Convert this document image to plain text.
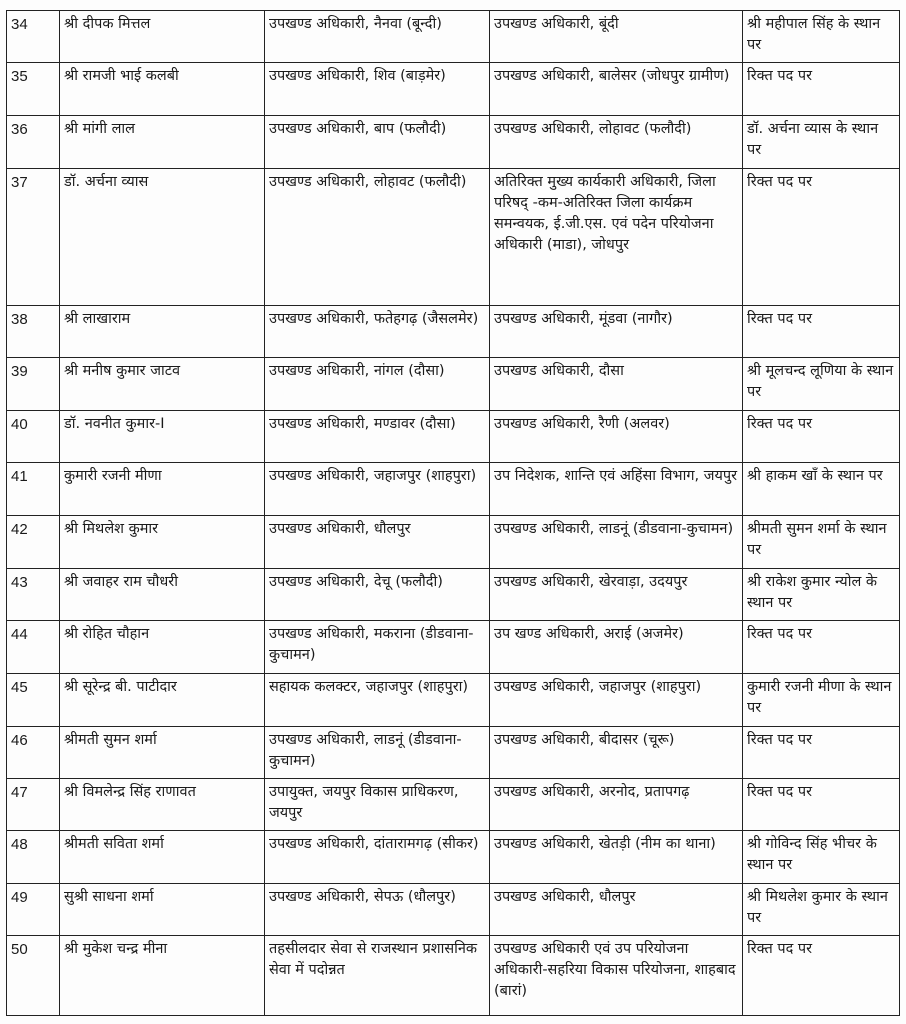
34	श्री दीपक मित्तल	उपखण्ड अधिकारी, नैनवा (बून्दी)	उपखण्ड अधिकारी, बूंदी	श्री महीपाल सिंह के स्थान पर
35	श्री रामजी भाई कलबी	उपखण्ड अधिकारी, शिव (बाड़मेर)	उपखण्ड अधिकारी, बालेसर (जोधपुर ग्रामीण)	रिक्त पद पर
36	श्री मांगी लाल	उपखण्ड अधिकारी, बाप (फलौदी)	उपखण्ड अधिकारी, लोहावट (फलौदी)	डॉ. अर्चना व्यास के स्थान पर
37	डॉ. अर्चना व्यास	उपखण्ड अधिकारी, लोहावट (फलौदी)	अतिरिक्त मुख्य कार्यकारी अधिकारी, जिला परिषद् -कम-अतिरिक्त जिला कार्यक्रम समन्वयक, ई.जी.एस. एवं पदेन परियोजना अधिकारी (माडा), जोधपुर	रिक्त पद पर
38	श्री लाखाराम	उपखण्ड अधिकारी, फतेहगढ़ (जैसलमेर)	उपखण्ड अधिकारी, मूंडवा (नागौर)	रिक्त पद पर
39	श्री मनीष कुमार जाटव	उपखण्ड अधिकारी, नांगल (दौसा)	उपखण्ड अधिकारी, दौसा	श्री मूलचन्द लूणिया के स्थान पर
40	डॉ. नवनीत कुमार-I	उपखण्ड अधिकारी, मण्डावर (दौसा)	उपखण्ड अधिकारी, रैणी (अलवर)	रिक्त पद पर
41	कुमारी रजनी मीणा	उपखण्ड अधिकारी, जहाजपुर (शाहपुरा)	उप निदेशक, शान्ति एवं अहिंसा विभाग, जयपुर	श्री हाकम खाँ के स्थान पर
42	श्री मिथलेश कुमार	उपखण्ड अधिकारी, धौलपुर	उपखण्ड अधिकारी, लाडनूं (डीडवाना-कुचामन)	श्रीमती सुमन शर्मा के स्थान पर
43	श्री जवाहर राम चौधरी	उपखण्ड अधिकारी, देचू (फलौदी)	उपखण्ड अधिकारी, खेरवाड़ा, उदयपुर	श्री राकेश कुमार न्योल के स्थान पर
44	श्री रोहित चौहान	उपखण्ड अधिकारी, मकराना (डीडवाना-कुचामन)	उप खण्ड अधिकारी, अराई (अजमेर)	रिक्त पद पर
45	श्री सूरेन्द्र बी. पाटीदार	सहायक कलक्टर, जहाजपुर (शाहपुरा)	उपखण्ड अधिकारी, जहाजपुर (शाहपुरा)	कुमारी रजनी मीणा के स्थान पर
46	श्रीमती सुमन शर्मा	उपखण्ड अधिकारी, लाडनूं (डीडवाना-कुचामन)	उपखण्ड अधिकारी, बीदासर (चूरू)	रिक्त पद पर
47	श्री विमलेन्द्र सिंह राणावत	उपायुक्त, जयपुर विकास प्राधिकरण, जयपुर	उपखण्ड अधिकारी, अरनोद, प्रतापगढ़	रिक्त पद पर
48	श्रीमती सविता शर्मा	उपखण्ड अधिकारी, दांतारामगढ़ (सीकर)	उपखण्ड अधिकारी, खेतड़ी (नीम का थाना)	श्री गोविन्द सिंह भीचर के स्थान पर
49	सुश्री साधना शर्मा	उपखण्ड अधिकारी, सेपऊ (धौलपुर)	उपखण्ड अधिकारी, धौलपुर	श्री मिथलेश कुमार के स्थान पर
50	श्री मुकेश चन्द्र मीना	तहसीलदार सेवा से राजस्थान प्रशासनिक सेवा में पदोन्नत	उपखण्ड अधिकारी एवं उप परियोजना अधिकारी-सहरिया विकास परियोजना, शाहबाद (बारां)	रिक्त पद पर
